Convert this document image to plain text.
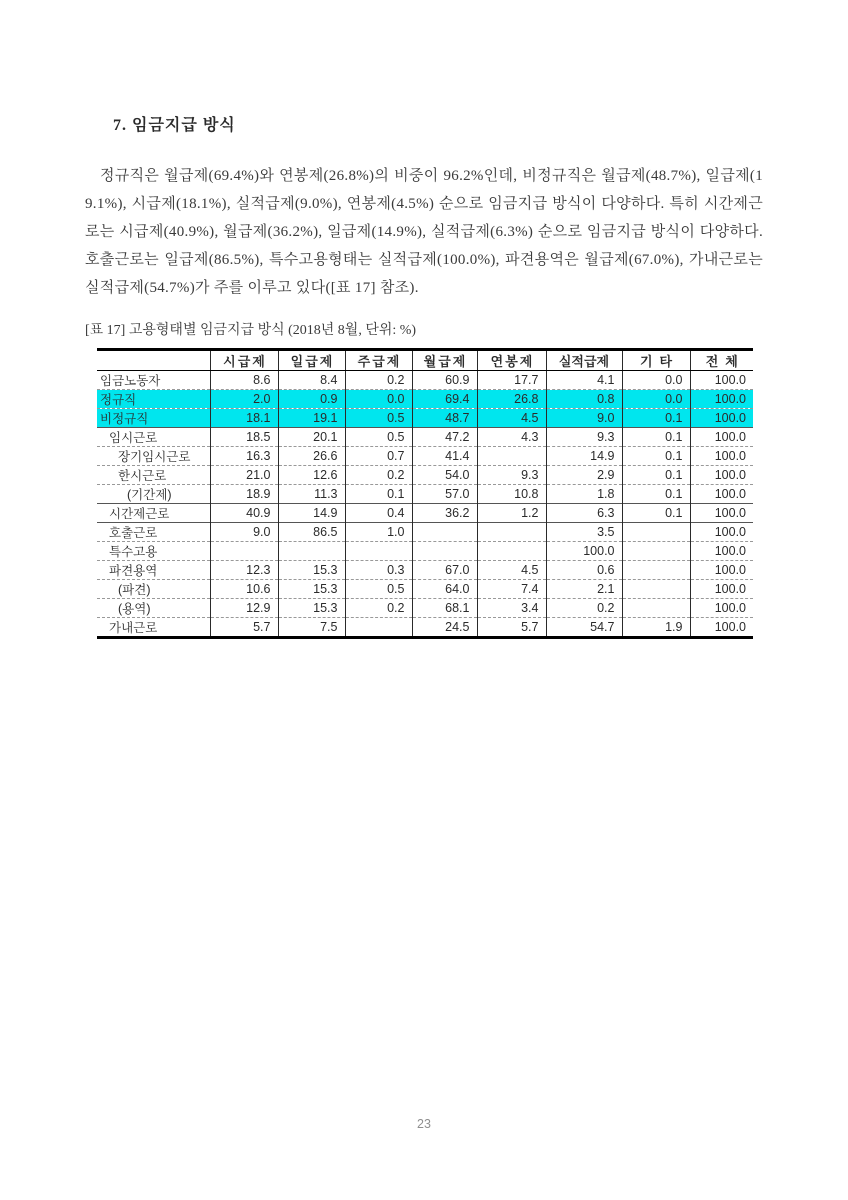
7. 임금지급 방식

정규직은 월급제(69.4%)와 연봉제(26.8%)의 비중이 96.2%인데, 비정규직은 월급제(48.7%), 일급제(19.1%), 시급제(18.1%), 실적급제(9.0%), 연봉제(4.5%) 순으로 임금지급 방식이 다양하다. 특히 시간제근로는 시급제(40.9%), 월급제(36.2%), 일급제(14.9%), 실적급제(6.3%) 순으로 임금지급 방식이 다양하다. 호출근로는 일급제(86.5%), 특수고용형태는 실적급제(100.0%), 파견용역은 월급제(67.0%), 가내근로는 실적급제(54.7%)가 주를 이루고 있다([표 17] 참조).

[표 17] 고용형태별 임금지급 방식 (2018년 8월, 단위: %)
	시급제	일급제	주급제	월급제	연봉제	실적급제	기타	전체
임금노동자	8.6	8.4	0.2	60.9	17.7	4.1	0.0	100.0
정규직	2.0	0.9	0.0	69.4	26.8	0.8	0.0	100.0
비정규직	18.1	19.1	0.5	48.7	4.5	9.0	0.1	100.0
임시근로	18.5	20.1	0.5	47.2	4.3	9.3	0.1	100.0
장기임시근로	16.3	26.6	0.7	41.4		14.9	0.1	100.0
한시근로	21.0	12.6	0.2	54.0	9.3	2.9	0.1	100.0
(기간제)	18.9	11.3	0.1	57.0	10.8	1.8	0.1	100.0
시간제근로	40.9	14.9	0.4	36.2	1.2	6.3	0.1	100.0
호출근로	9.0	86.5	1.0			3.5		100.0
특수고용						100.0		100.0
파견용역	12.3	15.3	0.3	67.0	4.5	0.6		100.0
(파견)	10.6	15.3	0.5	64.0	7.4	2.1		100.0
(용역)	12.9	15.3	0.2	68.1	3.4	0.2		100.0
가내근로	5.7	7.5		24.5	5.7	54.7	1.9	100.0
23
